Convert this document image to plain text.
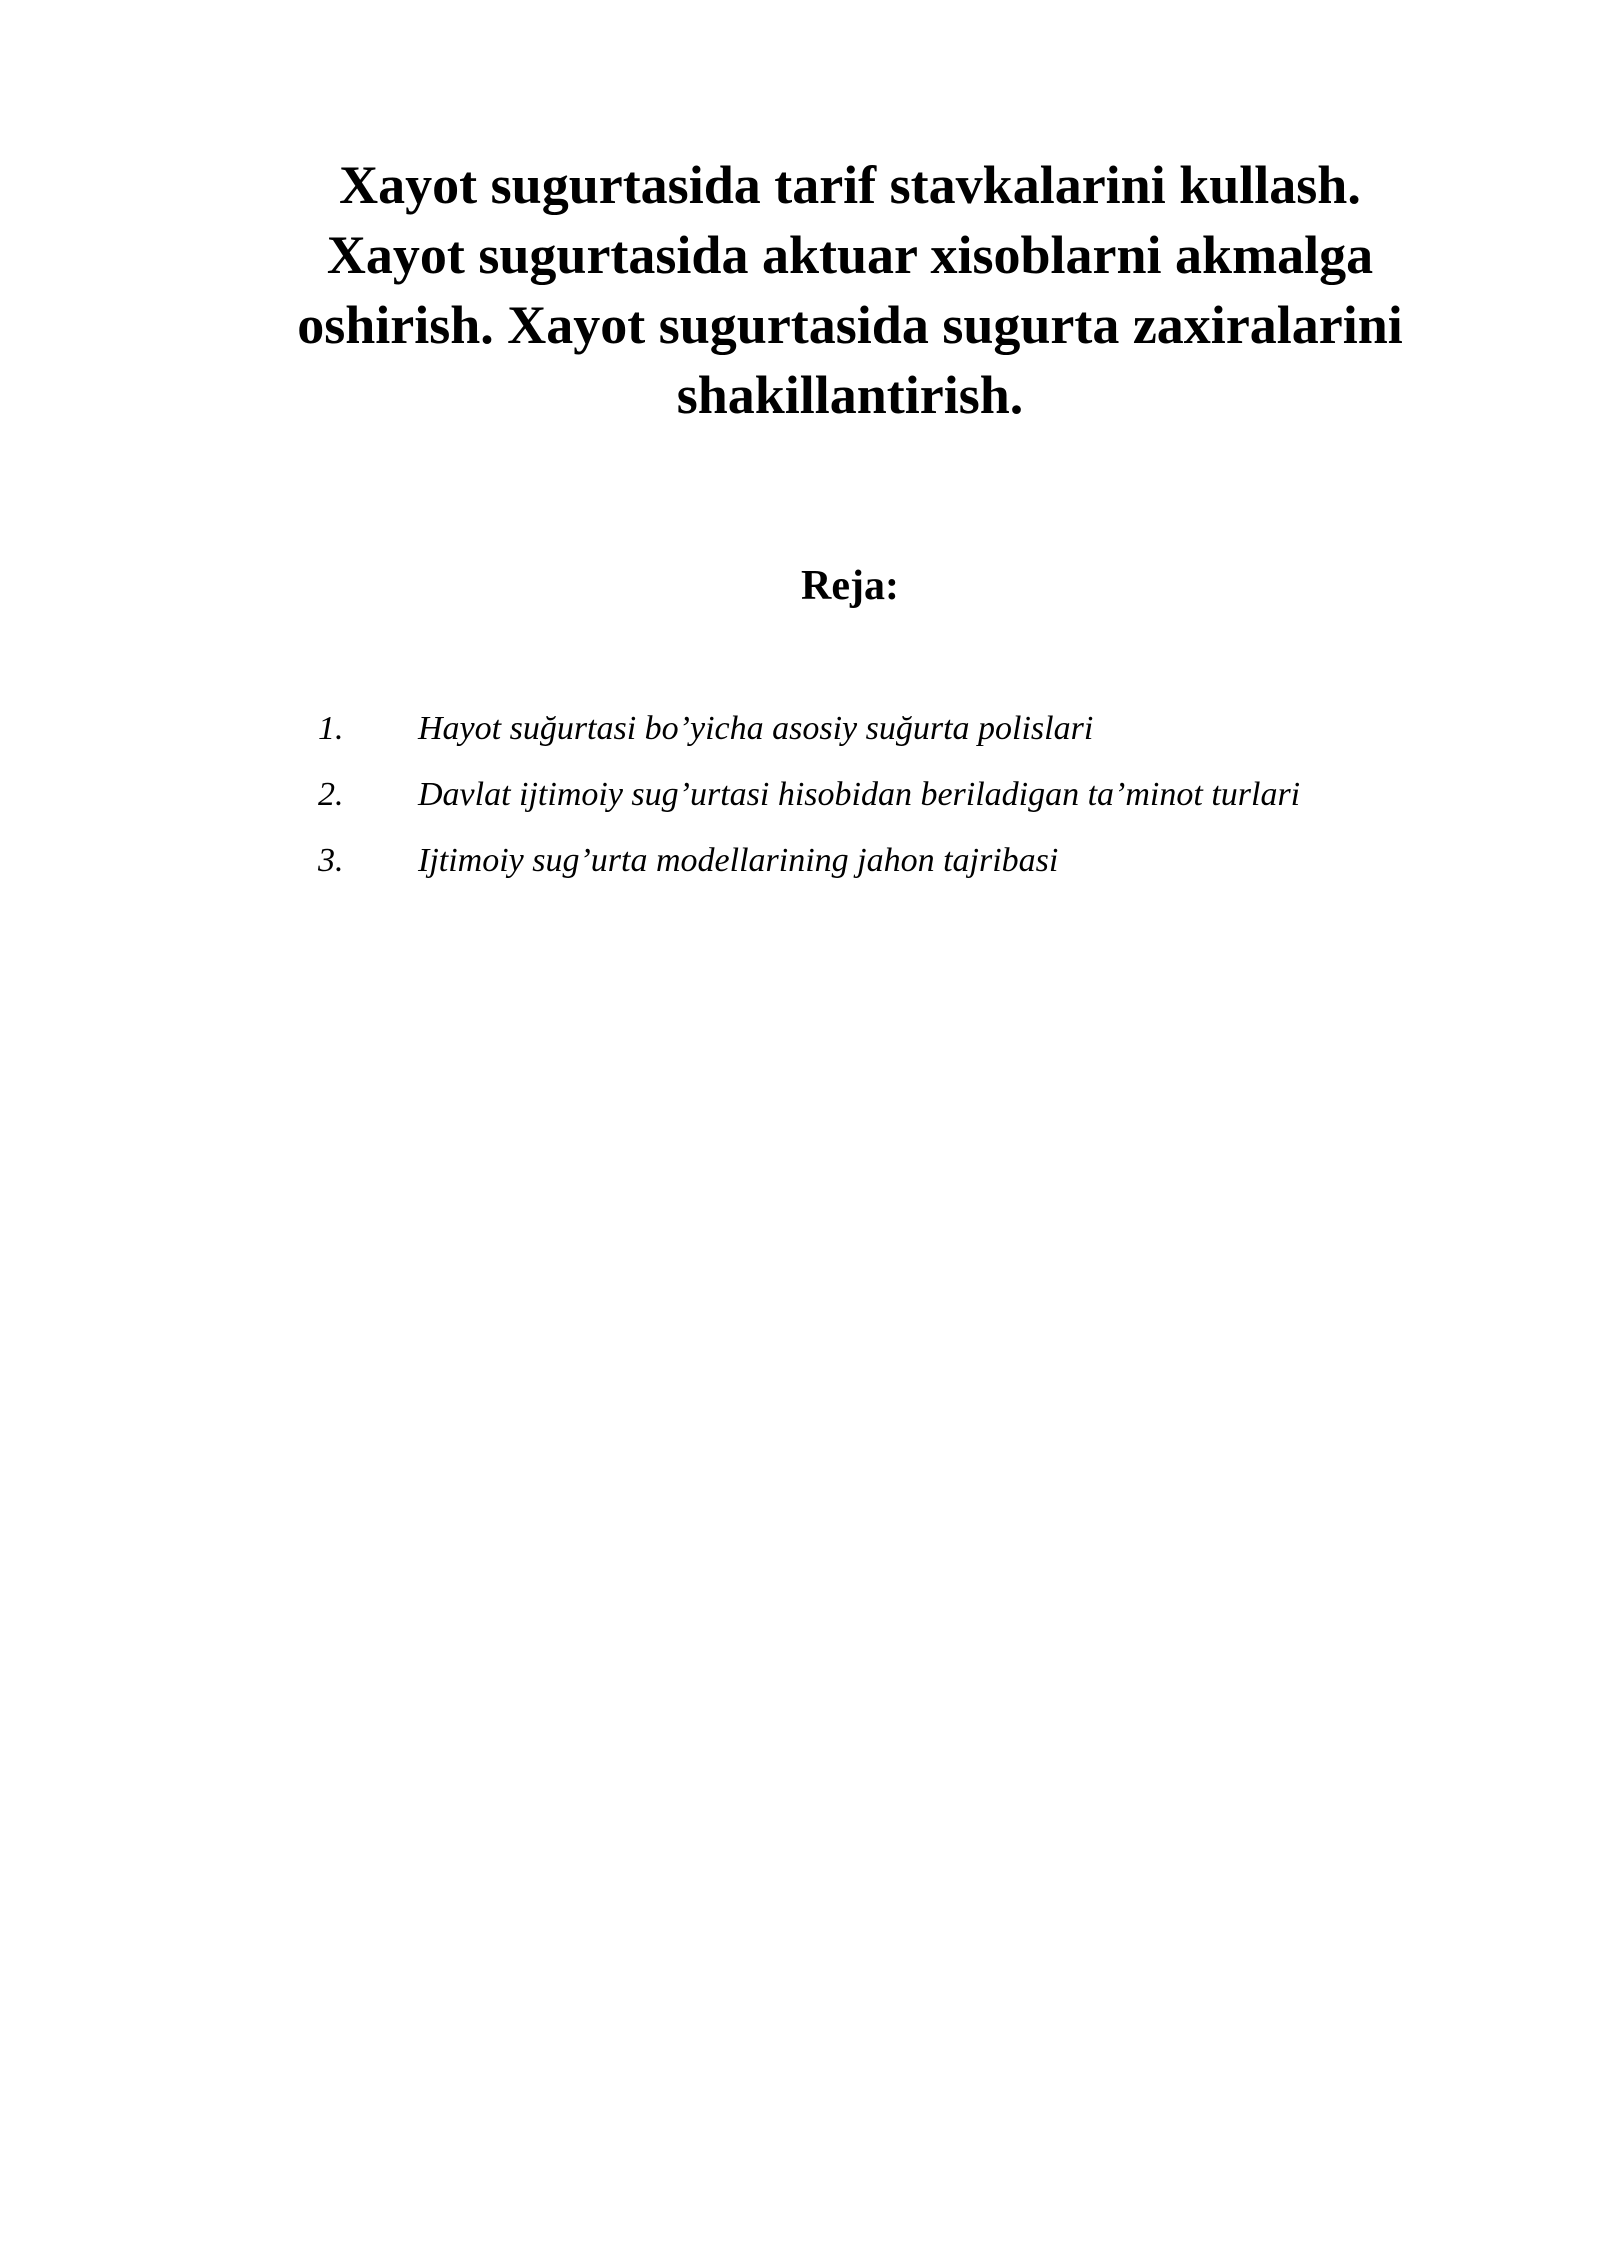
Xayot sugurtasida tarif stavkalarini kullash.
Xayot sugurtasida aktuar xisoblarni akmalga
oshirish. Xayot sugurtasida sugurta zaxiralarini
shakillantirish.
Reja:
1.	Hayot suğurtasi bo’yicha asosiy suğurta polislari
2.	Davlat ijtimoiy sug’urtasi hisobidan beriladigan ta’minot turlari
3.	Ijtimoiy sug’urta modellarining jahon tajribasi
